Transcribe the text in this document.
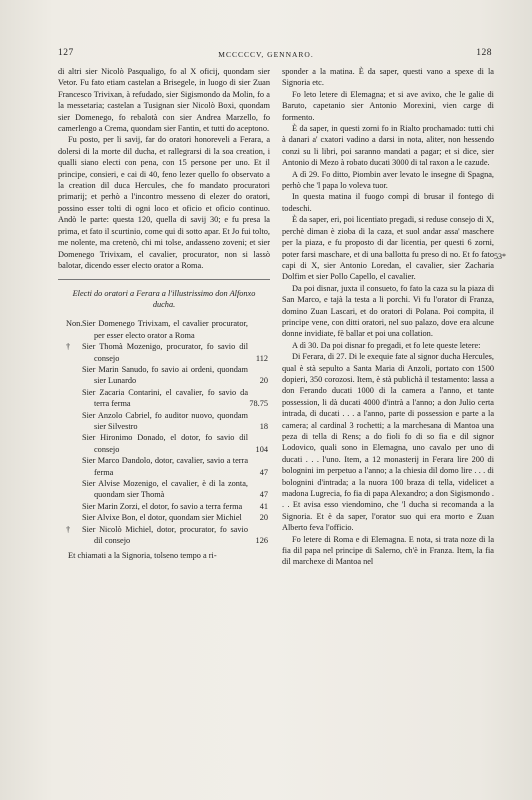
127	MCCCCCV, GENNARO.	128

di altri sier Nicolò Pasqualigo, fo al X oficij, quondam sier Vetor. Fu fato etiam castelan a Brisegele, in luogo di sier Zuan Francesco Trivixan, à refudado, sier Sigismondo da Molin, fo a la messetaria; castelan a Tusignan sier Nicolò Boxi, quondam sier Domenego, fo rebalotà con sier Andrea Marzello, fo camerlengo a Crema, quondam sier Fantin, et tutti do aceptono.

Fu posto, per li savij, far do oratori honoreveli a Ferara, a dolersi di la morte dil ducha, et rallegrarsi di la soa creation, i qualli siano electi con pena, con 15 persone per uno. Et il principe, consieri, e cai di 40, feno lezer quello fo observato a la creation dil duca Hercules, che fo mandato procuratori primarij; et perhò a l'incontro messeno di elezer do oratori, possino esser tolti di ogni loco et oficio et oficio continuo. Andò le parte: questa 120, quella di savij 30; e fu presa la prima, et fato il scurtinio, come qui di sotto apar. Et Jo fui tolto, me nolente, ma cretenò, chi mi tolse, andasseno zoveni; et sier Domenego Trivixam, el cavalier, procurator, non si lassò balotar, dicendo esser electo orator a Roma.

Electi do oratori a Ferara a l'illustrissimo don Alfonxo ducha.

Non. Sier Domenego Trivixam, el cavalier procurator, per esser electo orator a Roma
† Sier Thomà Mozenigo, procurator, fo savio dil consejo	112
Sier Marin Sanudo, fo savio ai ordeni, quondam sier Lunardo	20
Sier Zacaria Contarini, el cavalier, fo savio da terra ferma	78.75
Sier Anzolo Cabriel, fo auditor nuovo, quondam sier Silvestro	18
Sier Hironimo Donado, el dotor, fo savio dil consejo	104
Sier Marco Dandolo, dotor, cavalier, savio a terra ferma	47
Sier Alvise Mozenigo, el cavalier, è di la zonta, quondam sier Thomà	47
Sier Marin Zorzi, el dotor, fo savio a terra ferma	41
Sier Alvixe Bon, el dotor, quondam sier Michiel	20
† Sier Nicolò Michiel, dotor, procurator, fo savio dil consejo	126

Et chiamati a la Signoria, tolseno tempo a ri-

sponder a la matina. È da saper, questi vano a spexe di la Signoria etc.

Fo leto letere di Elemagna; et si ave avixo, che le galie di Baruto, capetanio sier Antonio Morexini, vien carge di formento.

È da saper, in questi zorni fo in Rialto prochamado: tutti chi à danari a' cxatori vadino a darsi in nota, aliter, non hessendo conzi su li libri, poi saranno mandati a pagar; et si dice, sier Antonio di Mezo à robato ducati 3000 di tal raxon a le cazude.

A dì 29. Fo ditto, Piombin aver levato le insegne di Spagna, perhò che 'l papa lo voleva tuor.

In questa matina il fuogo compì di brusar il fontego di todeschi.

È da saper, eri, poi licentiato pregadi, si reduse consejo di X, perchè diman è zioba di la caza, et suol andar assa' maschere per la piaza, e fu proposto di dar licentia, per questi 6 zorni, poter farsi maschare, et di una ballotta fu preso di no. Et fo fato capi di X, sier Antonio Loredan, el cavalier, sier Zacharia Dolfim et sier Pollo Capello, el cavalier.

Da poi disnar, juxta il consueto, fo fato la caza su la piaza di San Marco, e tajà la testa a li porchi. Vi fu l'orator di Franza, domino Zuan Lascari, et do oratori di Polana. Poi compita, il principe vene, con ditti oratori, nel suo palazo, dove era alcune donne invidiate, fè ballar et poi una collation.

A dì 30. Da poi disnar fo pregadi, et fo lete queste letere:

Di Ferara, di 27. Di le exequie fate al signor ducha Hercules, qual è stà sepulto a Santa Maria di Anzoli, portato con 1500 dopieri, 350 corozosi. Item, è stà publichà il testamento: lassa a don Ferando ducati 1000 di la camera a l'anno, et tante possession, li dà ducati 4000 d'intrà a l'anno; a don Julio certa intrada, di ducati . . . a l'anno, parte di possession e parte a la camera; al cardinal 3 rochetti; a la marchesana di Mantoa una peza di tella di Rens; a do fioli fo di so fia e dil signor Lodovico, quali sono in Elemagna, uno cavalo per uno di ducati . . . l'uno. Item, a 12 monasterij in Ferara lire 200 di bolognini im perpetuo a l'anno; a la chiesia dil domo lire . . . di bolognini d'intrada; a la nuora 100 braza di tella, videlicet a madona Lugrecia, fo fia di papa Alexandro; a don Sigismondo . . . Et avisa esso viendomino, che 'l ducha si recomanda a la Signoria. Et è da saper, l'orator suo qui era morto e Zuan Alberto feva l'officio.

Fo letere di Roma e di Elemagna. E nota, si trata noze di la fia dil papa nel principe di Salerno, ch'è in Franza. Item, la fia dil marchexe di Mantoa nel

53*
